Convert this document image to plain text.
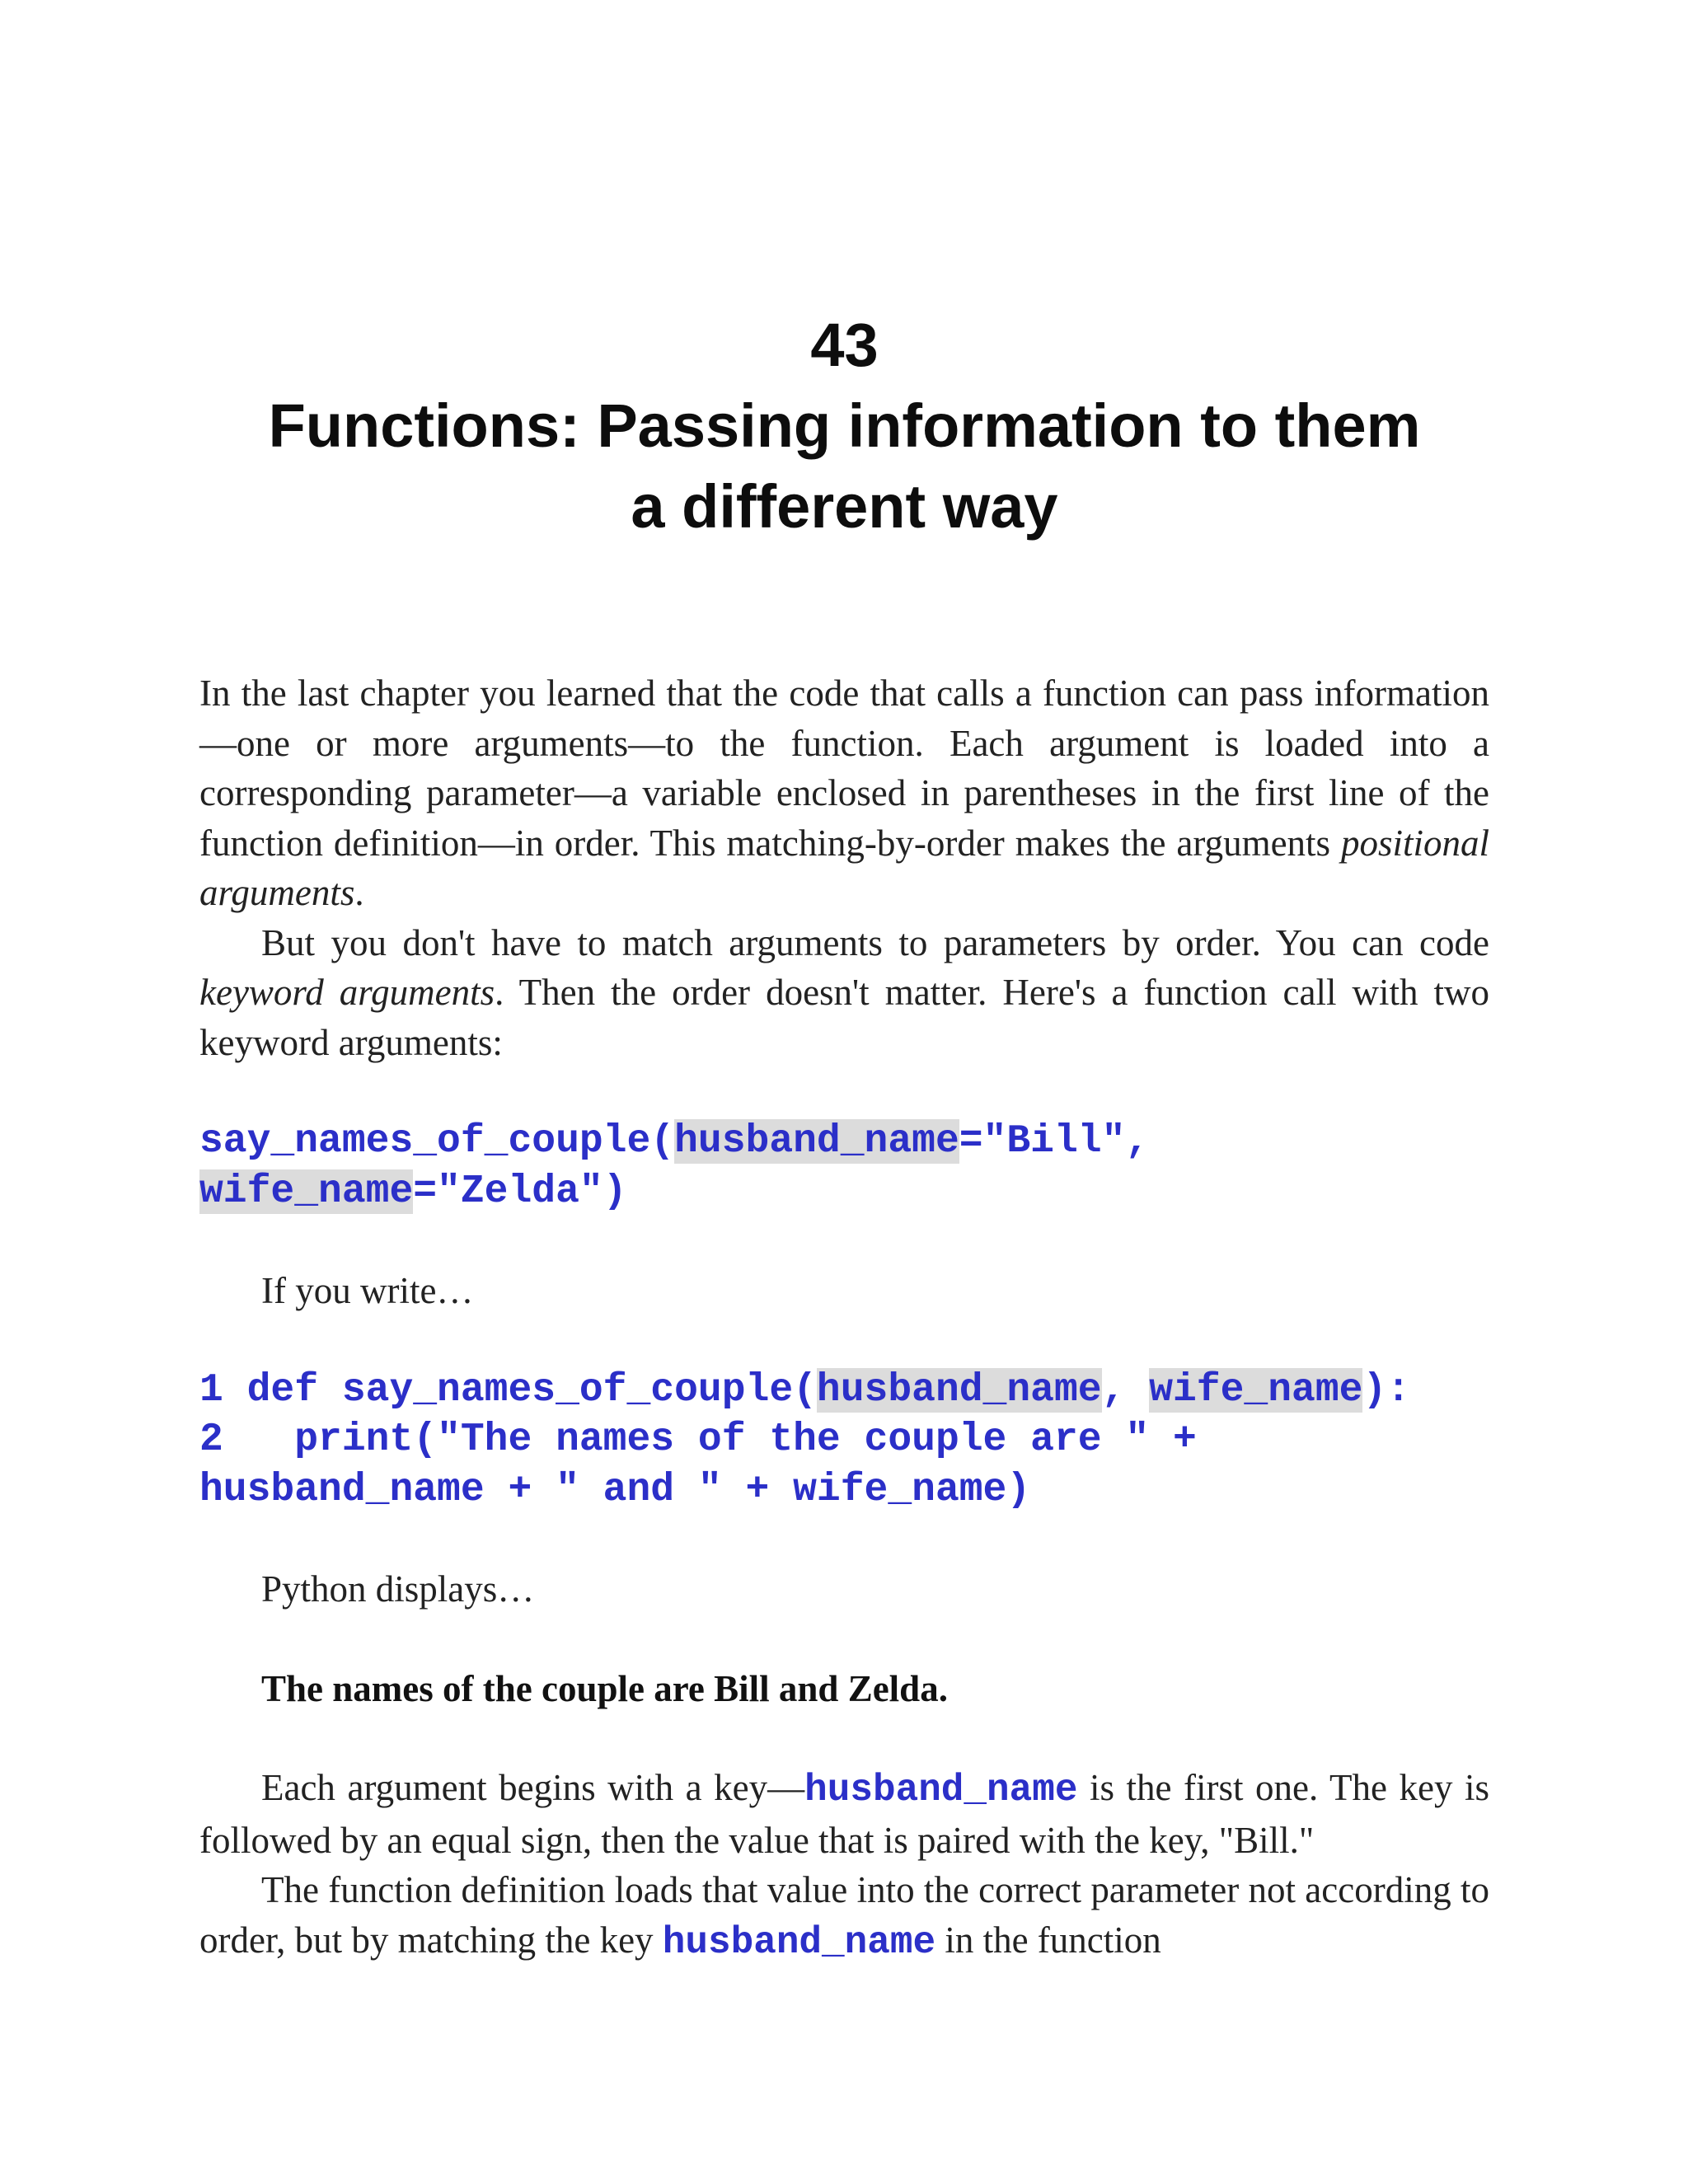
43
Functions: Passing information to them
a different way

In the last chapter you learned that the code that calls a function can pass information—one or more arguments—to the function. Each argument is loaded into a corresponding parameter—a variable enclosed in parentheses in the first line of the function definition—in order. This matching-by-order makes the arguments positional arguments.

But you don't have to match arguments to parameters by order. You can code keyword arguments. Then the order doesn't matter. Here's a function call with two keyword arguments:

say_names_of_couple(husband_name="Bill",
wife_name="Zelda")

If you write…

1 def say_names_of_couple(husband_name, wife_name):
2   print("The names of the couple are " +
husband_name + " and " + wife_name)

Python displays…

The names of the couple are Bill and Zelda.

Each argument begins with a key—husband_name is the first one. The key is followed by an equal sign, then the value that is paired with the key, "Bill."

The function definition loads that value into the correct parameter not according to order, but by matching the key husband_name in the function
